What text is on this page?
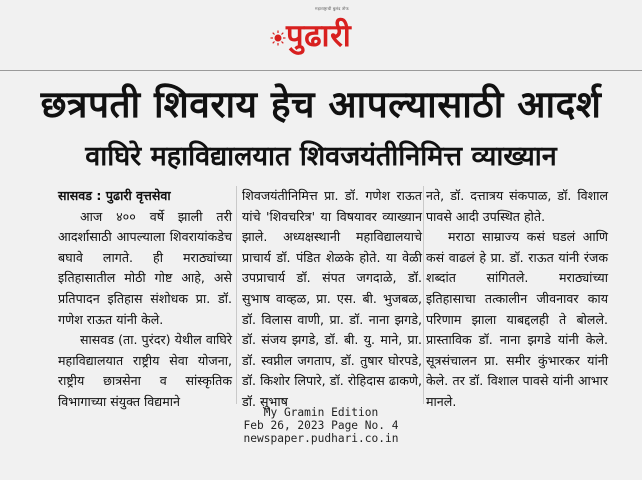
महाराष्ट्राची बुलंद तोफ
पुढारी
छत्रपती शिवराय हेच आपल्यासाठी आदर्श
वाघिरे महाविद्यालयात शिवजयंतीनिमित्त व्याख्यान

सासवड : पुढारी वृत्तसेवा

आज ४०० वर्षे झाली तरी आदर्शासाठी आपल्याला शिवरायांकडेच बघावे लागते. ही मराठ्यांच्या इतिहासातील मोठी गोष्ट आहे, असे प्रतिपादन इतिहास संशोधक प्रा. डॉ. गणेश राऊत यांनी केले.

सासवड (ता. पुरंदर) येथील वाघिरे महाविद्यालयात राष्ट्रीय सेवा योजना, राष्ट्रीय छात्रसेना व सांस्कृतिक विभागाच्या संयुक्त विद्यमाने

शिवजयंतीनिमित्त प्रा. डॉ. गणेश राऊत यांचे 'शिवचरित्र' या विषयावर व्याख्यान झाले. अध्यक्षस्थानी महाविद्यालयाचे प्राचार्य डॉ. पंडित शेळके होते. या वेळी उपप्राचार्य डॉ. संपत जगदाळे, डॉ. सुभाष वाव्हळ, प्रा. एस. बी. भुजबळ, डॉ. विलास वाणी, प्रा. डॉ. नाना झगडे, डॉ. संजय झगडे, डॉ. बी. यु. माने, प्रा. डॉ. स्वप्नील जगताप, डॉ. तुषार घोरपडे, डॉ. किशोर लिपारे, डॉ. रोहिदास ढाकणे, डॉ. सुभाष

नते, डॉ. दत्तात्रय संकपाळ, डॉ. विशाल पावसे आदी उपस्थित होते.

मराठा साम्राज्य कसं घडलं आणि कसं वाढलं हे प्रा. डॉ. राऊत यांनी रंजक शब्दांत सांगितले. मराठ्यांच्या इतिहासाचा तत्कालीन जीवनावर काय परिणाम झाला याबद्दलही ते बोलले. प्रास्ताविक डॉ. नाना झगडे यांनी केले. सूत्रसंचालन प्रा. समीर कुंभारकर यांनी केले. तर डॉ. विशाल पावसे यांनी आभार मानले.

My Gramin Edition
Feb 26, 2023 Page No. 4
newspaper.pudhari.co.in
